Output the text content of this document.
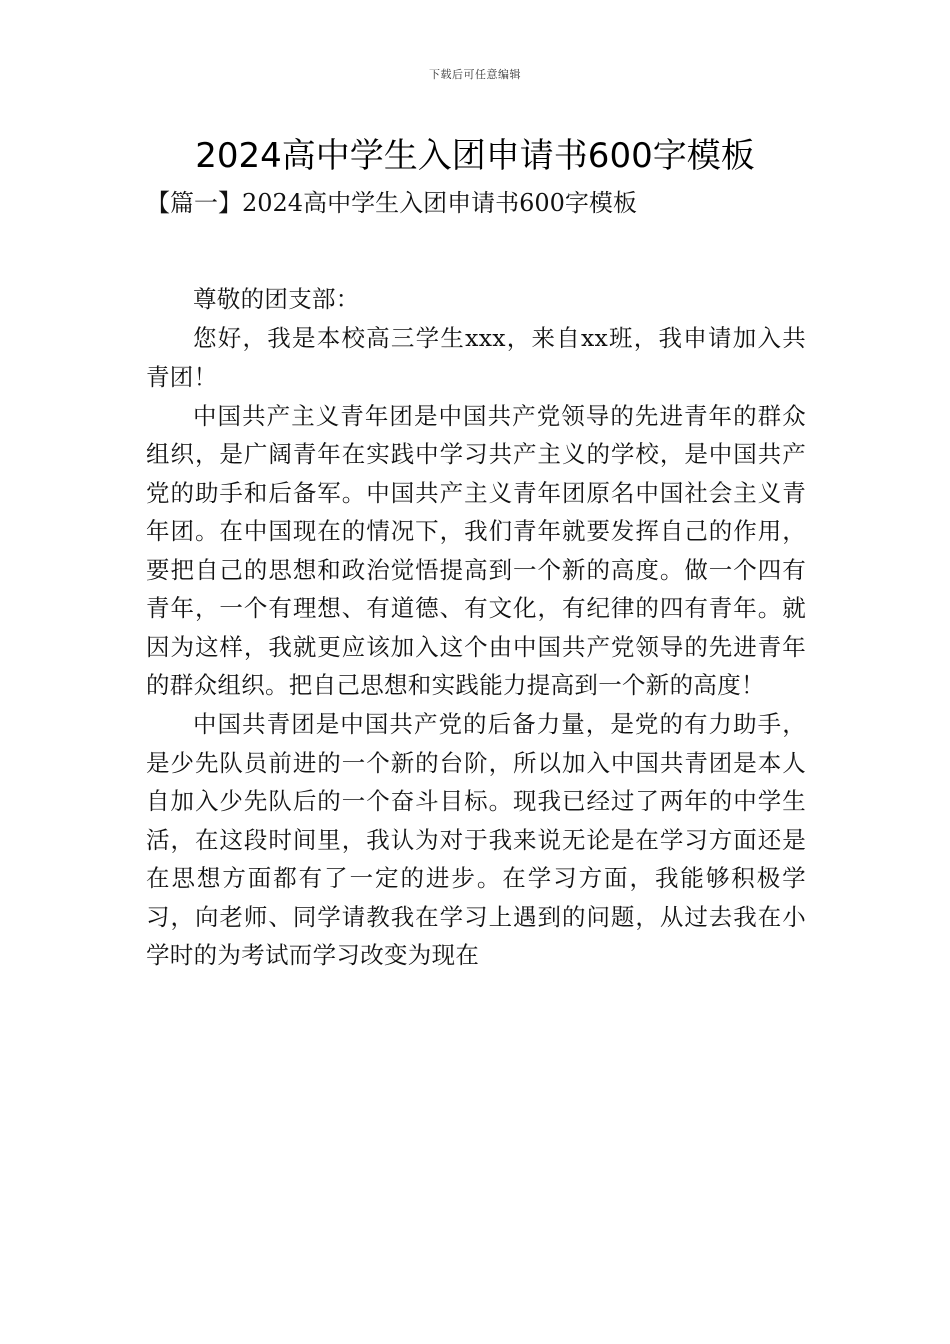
下载后可任意编辑
2024高中学生入团申请书600字模板
【篇一】2024高中学生入团申请书600字模板

尊敬的团支部：

您好，我是本校高三学生xxx，来自xx班，我申请加入共青团！

中国共产主义青年团是中国共产党领导的先进青年的群众组织，是广阔青年在实践中学习共产主义的学校，是中国共产党的助手和后备军。中国共产主义青年团原名中国社会主义青年团。在中国现在的情况下，我们青年就要发挥自己的作用，要把自己的思想和政治觉悟提高到一个新的高度。做一个四有青年，一个有理想、有道德、有文化，有纪律的四有青年。就因为这样，我就更应该加入这个由中国共产党领导的先进青年的群众组织。把自己思想和实践能力提高到一个新的高度！

中国共青团是中国共产党的后备力量，是党的有力助手，是少先队员前进的一个新的台阶，所以加入中国共青团是本人自加入少先队后的一个奋斗目标。现我已经过了两年的中学生活，在这段时间里，我认为对于我来说无论是在学习方面还是在思想方面都有了一定的进步。在学习方面，我能够积极学习，向老师、同学请教我在学习上遇到的问题，从过去我在小学时的为考试而学习改变为现在
